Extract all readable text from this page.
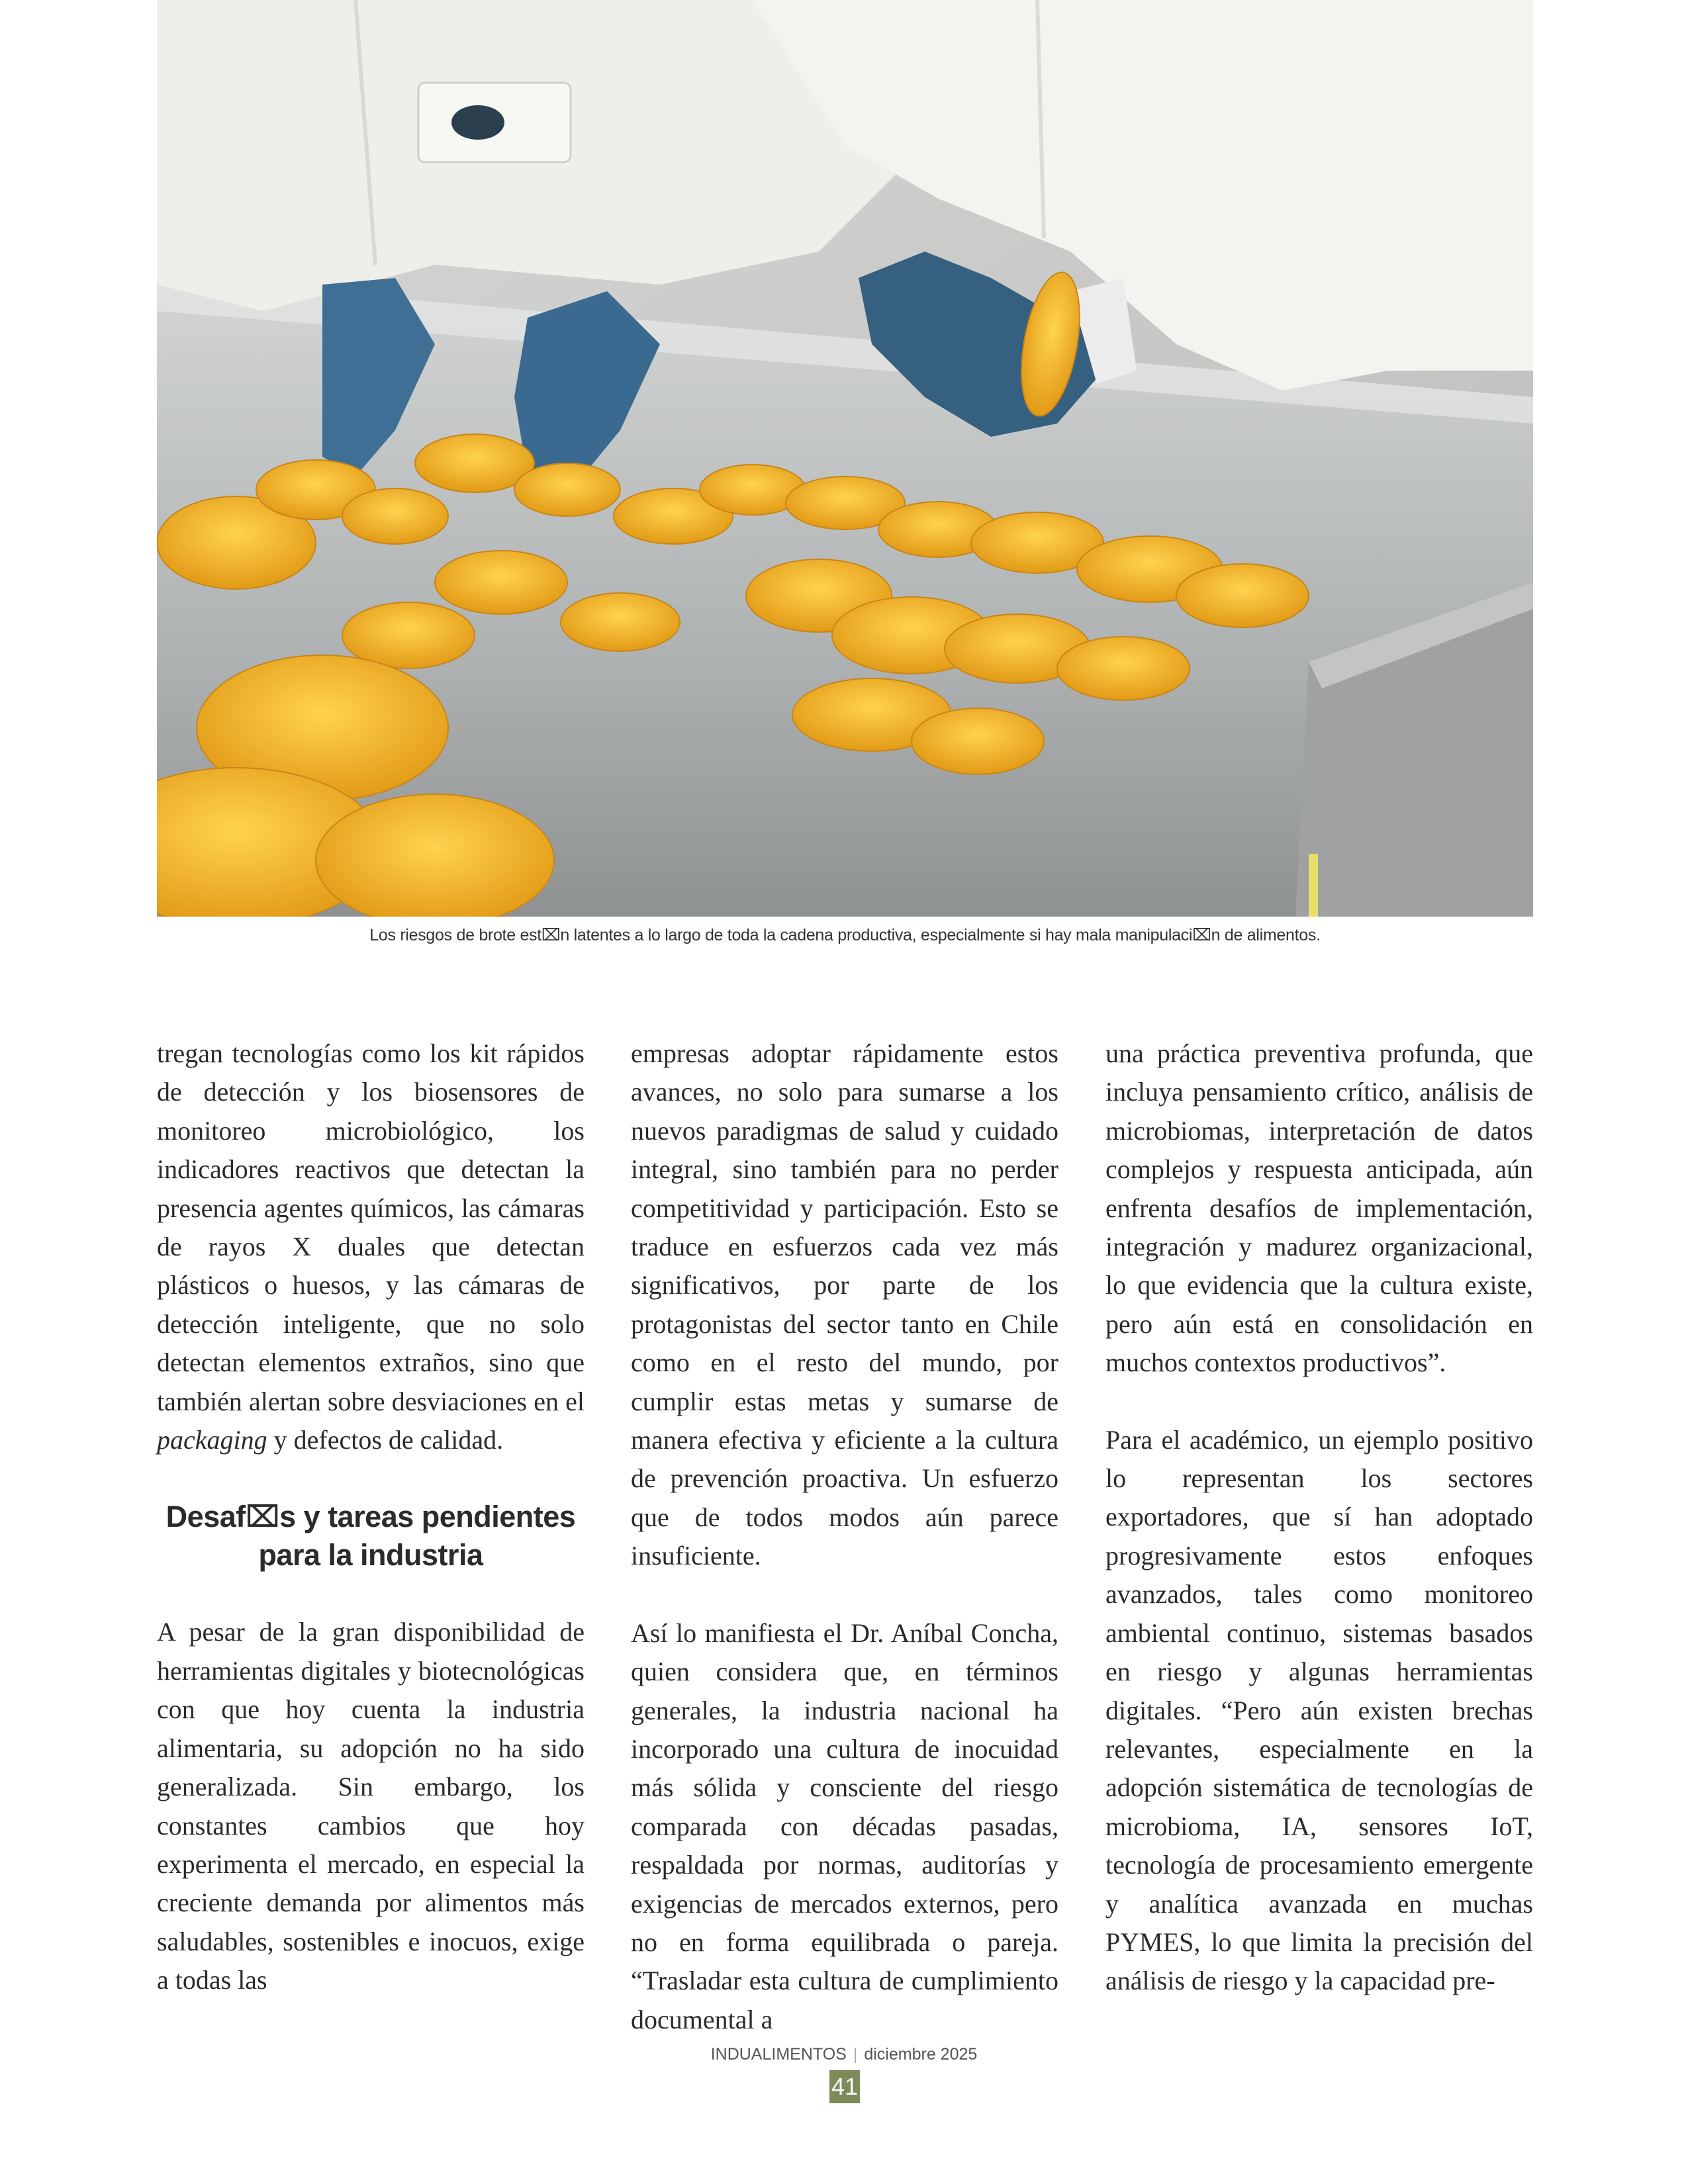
Los riesgos de brote est⌧n latentes a lo largo de toda la cadena productiva, especialmente si hay mala manipulaci⌧n de alimentos.

tregan tecnologías como los kit rápidos de detección y los biosensores de monitoreo microbiológico, los indicadores reactivos que detectan la presencia agentes químicos, las cámaras de rayos X duales que detectan plásticos o huesos, y las cámaras de detección inteligente, que no solo detectan elementos extraños, sino que también alertan sobre desviaciones en el packaging y defectos de calidad.

Desaf⌧s y tareas pendientes
para la industria

A pesar de la gran disponibilidad de herramientas digitales y biotecnológicas con que hoy cuenta la industria alimentaria, su adopción no ha sido generalizada. Sin embargo, los constantes cambios que hoy experimenta el mercado, en especial la creciente demanda por alimentos más saludables, sostenibles e inocuos, exige a todas las

empresas adoptar rápidamente estos avances, no solo para sumarse a los nuevos paradigmas de salud y cuidado integral, sino también para no perder competitividad y participación. Esto se traduce en esfuerzos cada vez más significativos, por parte de los protagonistas del sector tanto en Chile como en el resto del mundo, por cumplir estas metas y sumarse de manera efectiva y eficiente a la cultura de prevención proactiva. Un esfuerzo que de todos modos aún parece insuficiente.

Así lo manifiesta el Dr. Aníbal Concha, quien considera que, en términos generales, la industria nacional ha incorporado una cultura de inocuidad más sólida y consciente del riesgo comparada con décadas pasadas, respaldada por normas, auditorías y exigencias de mercados externos, pero no en forma equilibrada o pareja. “Trasladar esta cultura de cumplimiento documental a

una práctica preventiva profunda, que incluya pensamiento crítico, análisis de microbiomas, interpretación de datos complejos y respuesta anticipada, aún enfrenta desafíos de implementación, integración y madurez organizacional, lo que evidencia que la cultura existe, pero aún está en consolidación en muchos contextos productivos”.

Para el académico, un ejemplo positivo lo representan los sectores exportadores, que sí han adoptado progresivamente estos enfoques avanzados, tales como monitoreo ambiental continuo, sistemas basados en riesgo y algunas herramientas digitales. “Pero aún existen brechas relevantes, especialmente en la adopción sistemática de tecnologías de microbioma, IA, sensores IoT, tecnología de procesamiento emergente y analítica avanzada en muchas PYMES, lo que limita la precisión del análisis de riesgo y la capacidad pre-

INDUALIMENTOS | diciembre 2025
41
